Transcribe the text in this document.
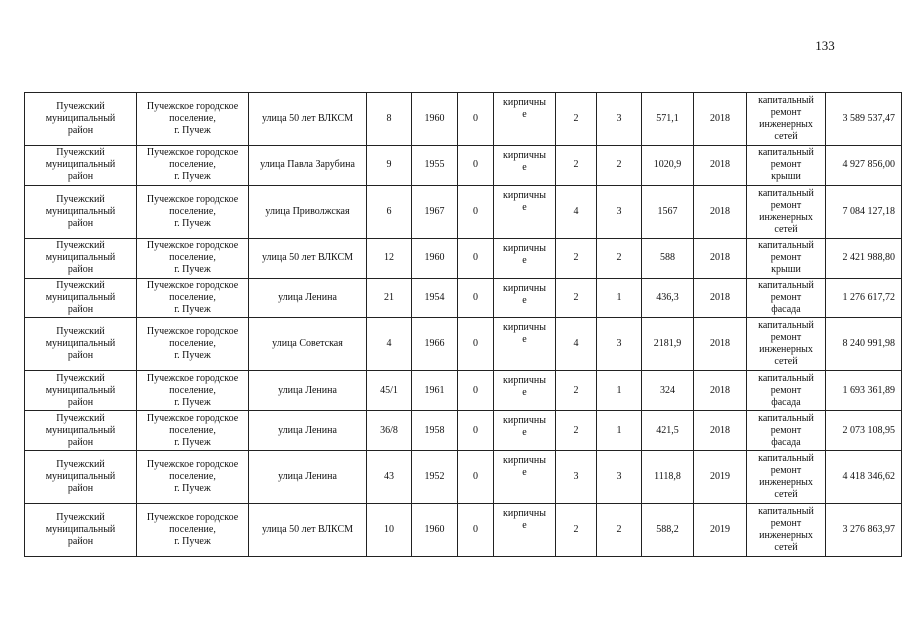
133
Пучежский
муниципальный
район	Пучежское городское
поселение,
г. Пучеж	улица 50 лет ВЛКСМ	8	1960	0	кирпичны
е	2	3	571,1	2018	капитальный
ремонт
инженерных
сетей	3 589 537,47
Пучежский
муниципальный
район	Пучежское городское
поселение,
г. Пучеж	улица Павла Зарубина	9	1955	0	кирпичны
е	2	2	1020,9	2018	капитальный
ремонт
крыши	4 927 856,00
Пучежский
муниципальный
район	Пучежское городское
поселение,
г. Пучеж	улица Приволжская	6	1967	0	кирпичны
е	4	3	1567	2018	капитальный
ремонт
инженерных
сетей	7 084 127,18
Пучежский
муниципальный
район	Пучежское городское
поселение,
г. Пучеж	улица 50 лет ВЛКСМ	12	1960	0	кирпичны
е	2	2	588	2018	капитальный
ремонт
крыши	2 421 988,80
Пучежский
муниципальный
район	Пучежское городское
поселение,
г. Пучеж	улица Ленина	21	1954	0	кирпичны
е	2	1	436,3	2018	капитальный
ремонт
фасада	1 276 617,72
Пучежский
муниципальный
район	Пучежское городское
поселение,
г. Пучеж	улица Советская	4	1966	0	кирпичны
е	4	3	2181,9	2018	капитальный
ремонт
инженерных
сетей	8 240 991,98
Пучежский
муниципальный
район	Пучежское городское
поселение,
г. Пучеж	улица Ленина	45/1	1961	0	кирпичны
е	2	1	324	2018	капитальный
ремонт
фасада	1 693 361,89
Пучежский
муниципальный
район	Пучежское городское
поселение,
г. Пучеж	улица Ленина	36/8	1958	0	кирпичны
е	2	1	421,5	2018	капитальный
ремонт
фасада	2 073 108,95
Пучежский
муниципальный
район	Пучежское городское
поселение,
г. Пучеж	улица Ленина	43	1952	0	кирпичны
е	3	3	1118,8	2019	капитальный
ремонт
инженерных
сетей	4 418 346,62
Пучежский
муниципальный
район	Пучежское городское
поселение,
г. Пучеж	улица 50 лет ВЛКСМ	10	1960	0	кирпичны
е	2	2	588,2	2019	капитальный
ремонт
инженерных
сетей	3 276 863,97
